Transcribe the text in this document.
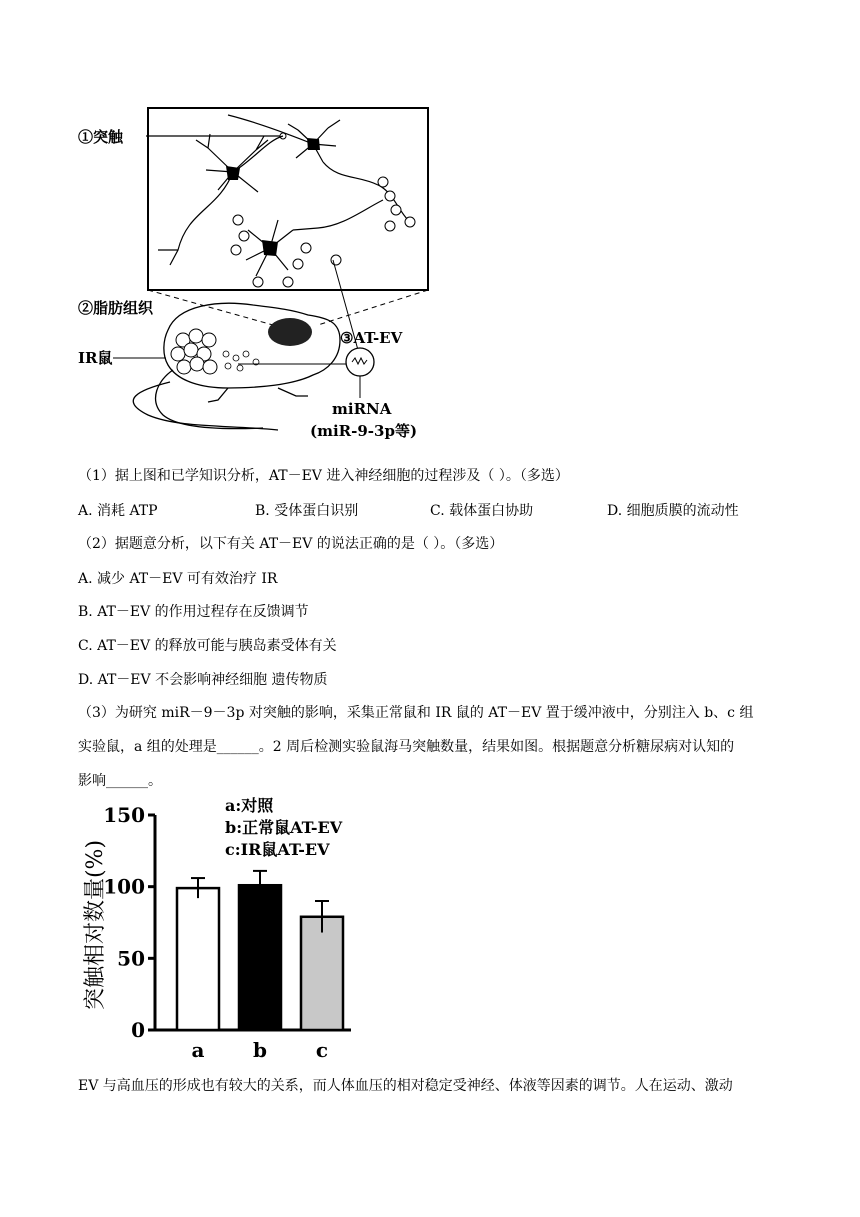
①突触
②脂肪组织
③AT-EV
IR鼠
miRNA
(miR-9-3p等)
（1）据上图和已学知识分析，AT－EV 进入神经细胞的过程涉及（ ）。（多选）
A. 消耗 ATP	B. 受体蛋白识别	C. 载体蛋白协助	D. 细胞质膜的流动性
（2）据题意分析，以下有关 AT－EV 的说法正确的是（ ）。（多选）
A. 减少 AT－EV 可有效治疗 IR
B. AT－EV 的作用过程存在反馈调节
C. AT－EV 的释放可能与胰岛素受体有关
D. AT－EV 不会影响神经细胞 遗传物质
（3）为研究 miR－9－3p 对突触的影响，采集正常鼠和 IR 鼠的 AT－EV 置于缓冲液中，分别注入 b、c 组
实验鼠，a 组的处理是______。2 周后检测实验鼠海马突触数量，结果如图。根据题意分析糖尿病对认知的
影响______。
突触相对数量(%)
a:对照
b:正常鼠AT-EV
c:IR鼠AT-EV
0
50
100
150
a b c
EV 与高血压的形成也有较大的关系，而人体血压的相对稳定受神经、体液等因素的调节。人在运动、激动
